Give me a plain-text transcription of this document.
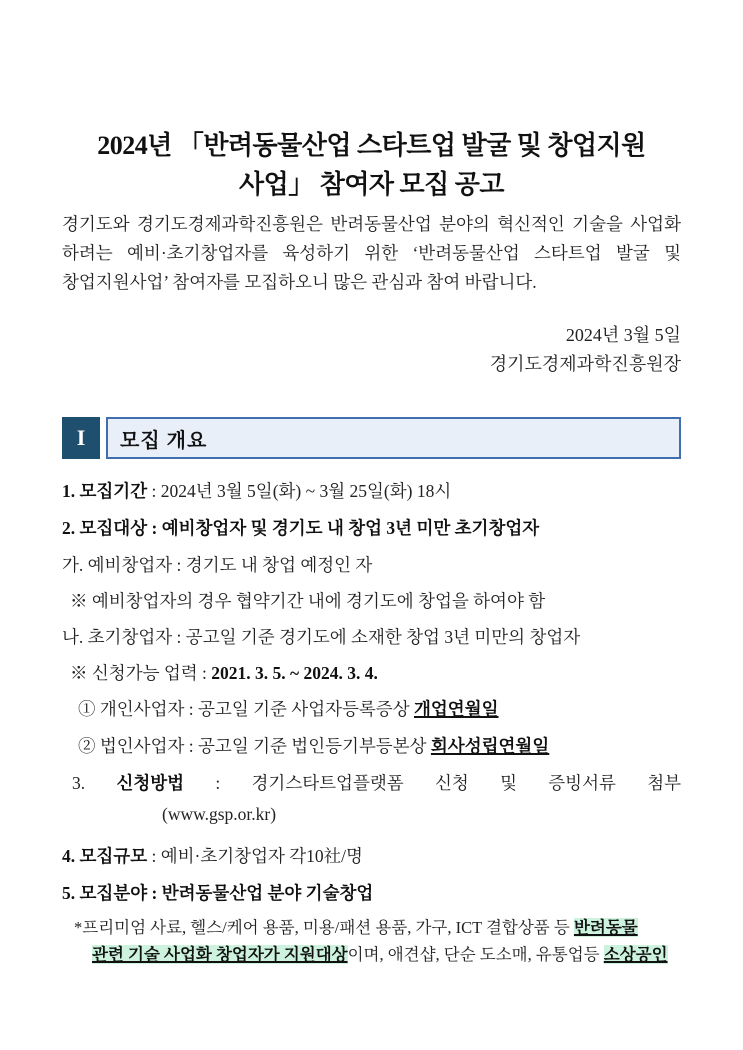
2024년 「반려동물산업 스타트업 발굴 및 창업지원
사업」 참여자 모집 공고

경기도와 경기도경제과학진흥원은 반려동물산업 분야의 혁신적인 기술을 사업화 하려는 예비·초기창업자를 육성하기 위한 ‘반려동물산업 스타트업 발굴 및 창업지원사업’ 참여자를 모집하오니 많은 관심과 참여 바랍니다.

2024년 3월 5일
경기도경제과학진흥원장
I 모집 개요
1. 모집기간 : 2024년 3월 5일(화) ~ 3월 25일(화) 18시
2. 모집대상 : 예비창업자 및 경기도 내 창업 3년 미만 초기창업자
가. 예비창업자 : 경기도 내 창업 예정인 자
※ 예비창업자의 경우 협약기간 내에 경기도에 창업을 하여야 함
나. 초기창업자 : 공고일 기준 경기도에 소재한 창업 3년 미만의 창업자
※ 신청가능 업력 : 2021. 3. 5. ~ 2024. 3. 4.
① 개인사업자 : 공고일 기준 사업자등록증상 개업연월일
② 법인사업자 : 공고일 기준 법인등기부등본상 회사성립연월일
3. 신청방법 : 경기스타트업플랫폼 신청 및 증빙서류 첨부
(www.gsp.or.kr)
4. 모집규모 : 예비·초기창업자 각10社/명
5. 모집분야 : 반려동물산업 분야 기술창업
*프리미엄 사료, 헬스/케어 용품, 미용/패션 용품, 가구, ICT 결합상품 등 반려동물
관련 기술 사업화 창업자가 지원대상이며, 애견샵, 단순 도소매, 유통업등 소상공인
